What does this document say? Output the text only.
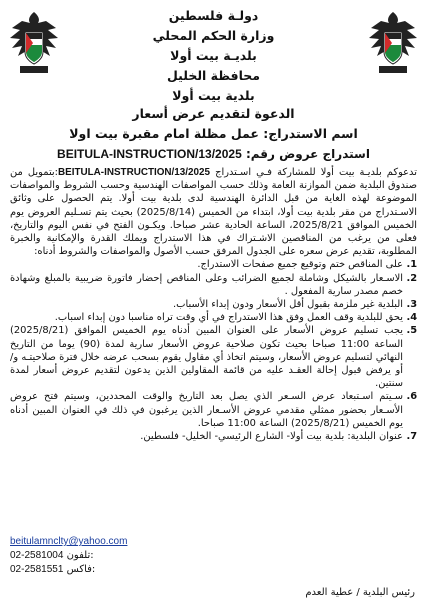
دولـة فلسطين
وزارة الحكم المحلي
بلديـة بيت أولا
محافظة الخليل
بلدية بيت أولا
الدعوة لتقديم عرض أسعار
اسم الاستدراج: عمل مظلة امام مقبرة بيت اولا
استدراج عروض رقم: BEITULA-INSTRUCTION/13/2025

تدعوكم بلديـة بيت أولا للمشاركة فـي اسـتدراج BEITULA-INSTRUCTION/13/2025:بتمويل من صندوق البلدية ضمن الموازنة العامة وذلك حسب المواصفات الهندسية وحسب الشروط والمواصفات الموضوعة لهذه الغاية من قبل الدائرة الهندسية لدى بلدية بيت أولا. يتم الحصول على وثائق الاسـتدراج من مقر بلدية بيت أولا، ابتداء من الخميس (2025/8/14) بحيث يتم تسـليم العروض يوم الخميس الموافق 2025/8/21، الساعة الحادية عشر صباحا. ويكـون الفتح في نفس اليوم والتاريخ، فعلى من يرغب من المناقصين الاشـتراك في هذا الاستدراج ويملك القدرة والإمكانية والخبرة المطلوبة، تقديم عرض سعره على الجدول المرفق حسب الأصول والمواصفات والشروط أدناه:

1. على المناقص ختم وتوقيع جميع صفحات الاستدراج.
2. الاسـعار بالشيكل وشاملة لجميع الضرائب وعلى المناقص إحضار فاتورة ضريبية بالمبلغ وشهادة خصم مصدر سارية المفعول .
3. البلدية غير ملزمة بقبول أقل الأسعار ودون إبداء الأسباب.
4. يحق للبلدية وقف العمل وفق هذا الاستدراج في أي وقت تراه مناسبا دون إبداء اسباب.
5. يجب تسليم عروض الأسعار على العنوان المبين أدناه يوم الخميس الموافق (2025/8/21) الساعة 11:00 صباحا بحيث تكون صلاحية عروض الأسعار سارية لمدة (90) يوما من التاريخ النهائي لتسليم عروض الأسعار، وسيتم اتخاذ أي مقاول يقوم بسحب عرضه خلال فترة صلاحيتـه و/أو يرفض قبول إحالة العقـد عليه من قائمة المقاولين الذين يدعون لتقديم عروض أسعار لمدة سنتين.
6. سـيتم اسـتبعاد عرض السـعر الذي يصل بعد التاريخ والوقت المحددين، وسيتم فتح عروض الأسـعار بحضور ممثلي مقدمي عروض الأسـعار الذين يرغبون في ذلك في العنوان المبين أدناه يوم الخميس (2025/8/21) الساعة 11:00 صباحا.
7. عنوان البلدية: بلدية بيت أولا- الشارع الرئيسي- الخليل- فلسطين.
beitulamnclty@yahoo.com
02-2581004 تلفون:
02-2581551 فاكس:
رئيس البلدية / عطية العدم
